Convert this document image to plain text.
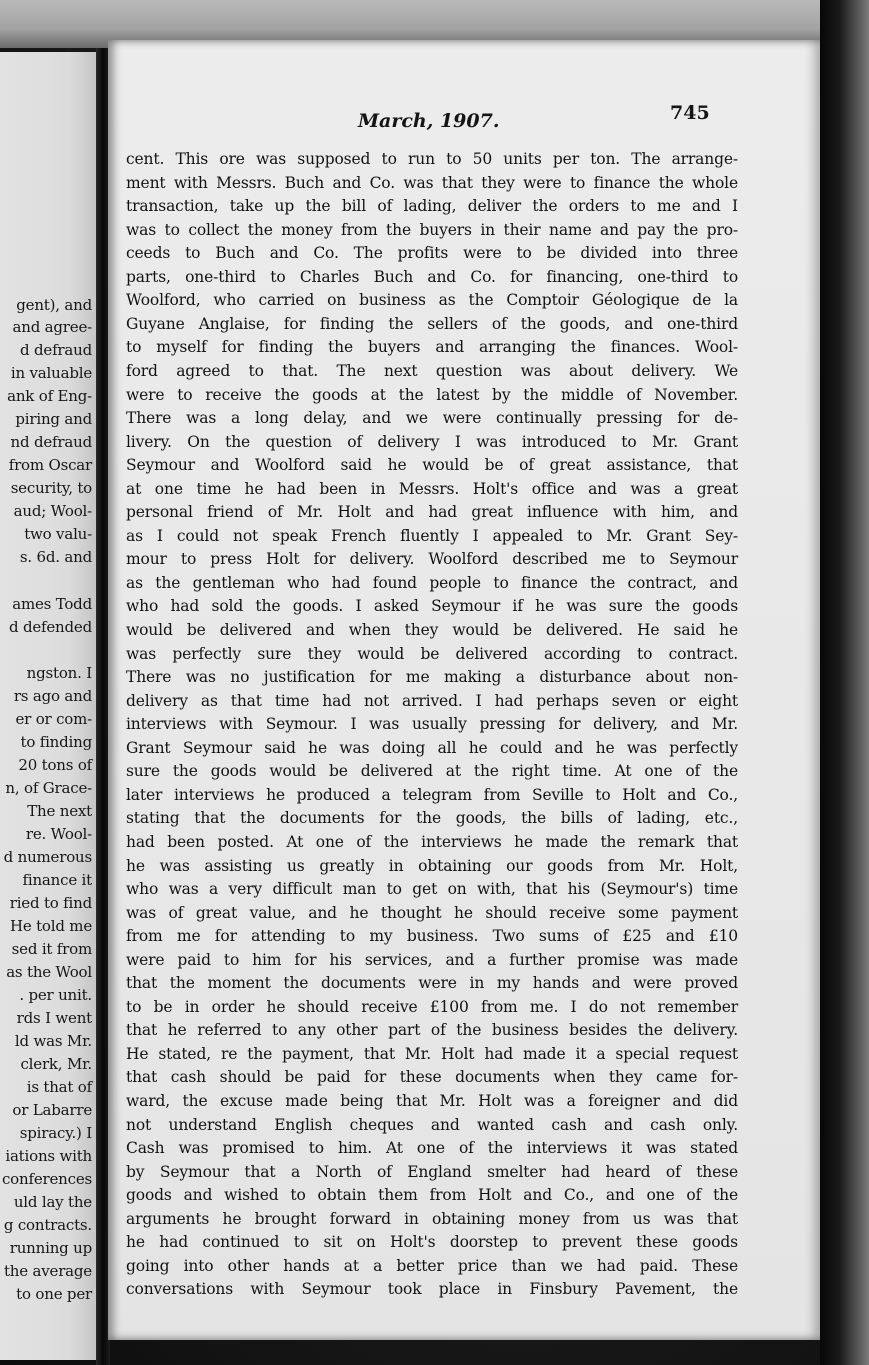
gent), and
and agree-
d defraud
in valuable
ank of Eng-
piring and
nd defraud
from Oscar
security, to
aud; Wool-
two valu-
s. 6d. and
ames Todd
d defended
ngston. I
rs ago and
er or com-
to finding
20 tons of
n, of Grace-
The next
re. Wool-
d numerous
finance it
ried to find
He told me
sed it from
as the Wool
. per unit.
rds I went
ld was Mr.
clerk, Mr.
is that of
or Labarre
spiracy.) I
iations with
conferences
uld lay the
g contracts.
running up
the average
to one per
March, 1907.	745
cent. This ore was supposed to run to 50 units per ton. The arrange-
ment with Messrs. Buch and Co. was that they were to finance the whole
transaction, take up the bill of lading, deliver the orders to me and I
was to collect the money from the buyers in their name and pay the pro-
ceeds to Buch and Co. The profits were to be divided into three
parts, one-third to Charles Buch and Co. for financing, one-third to
Woolford, who carried on business as the Comptoir Géologique de la
Guyane Anglaise, for finding the sellers of the goods, and one-third
to myself for finding the buyers and arranging the finances. Wool-
ford agreed to that. The next question was about delivery. We
were to receive the goods at the latest by the middle of November.
There was a long delay, and we were continually pressing for de-
livery. On the question of delivery I was introduced to Mr. Grant
Seymour and Woolford said he would be of great assistance, that
at one time he had been in Messrs. Holt's office and was a great
personal friend of Mr. Holt and had great influence with him, and
as I could not speak French fluently I appealed to Mr. Grant Sey-
mour to press Holt for delivery. Woolford described me to Seymour
as the gentleman who had found people to finance the contract, and
who had sold the goods. I asked Seymour if he was sure the goods
would be delivered and when they would be delivered. He said he
was perfectly sure they would be delivered according to contract.
There was no justification for me making a disturbance about non-
delivery as that time had not arrived. I had perhaps seven or eight
interviews with Seymour. I was usually pressing for delivery, and Mr.
Grant Seymour said he was doing all he could and he was perfectly
sure the goods would be delivered at the right time. At one of the
later interviews he produced a telegram from Seville to Holt and Co.,
stating that the documents for the goods, the bills of lading, etc.,
had been posted. At one of the interviews he made the remark that
he was assisting us greatly in obtaining our goods from Mr. Holt,
who was a very difficult man to get on with, that his (Seymour's) time
was of great value, and he thought he should receive some payment
from me for attending to my business. Two sums of £25 and £10
were paid to him for his services, and a further promise was made
that the moment the documents were in my hands and were proved
to be in order he should receive £100 from me. I do not remember
that he referred to any other part of the business besides the delivery.
He stated, re the payment, that Mr. Holt had made it a special request
that cash should be paid for these documents when they came for-
ward, the excuse made being that Mr. Holt was a foreigner and did
not understand English cheques and wanted cash and cash only.
Cash was promised to him. At one of the interviews it was stated
by Seymour that a North of England smelter had heard of these
goods and wished to obtain them from Holt and Co., and one of the
arguments he brought forward in obtaining money from us was that
he had continued to sit on Holt's doorstep to prevent these goods
going into other hands at a better price than we had paid. These
conversations with Seymour took place in Finsbury Pavement, the
